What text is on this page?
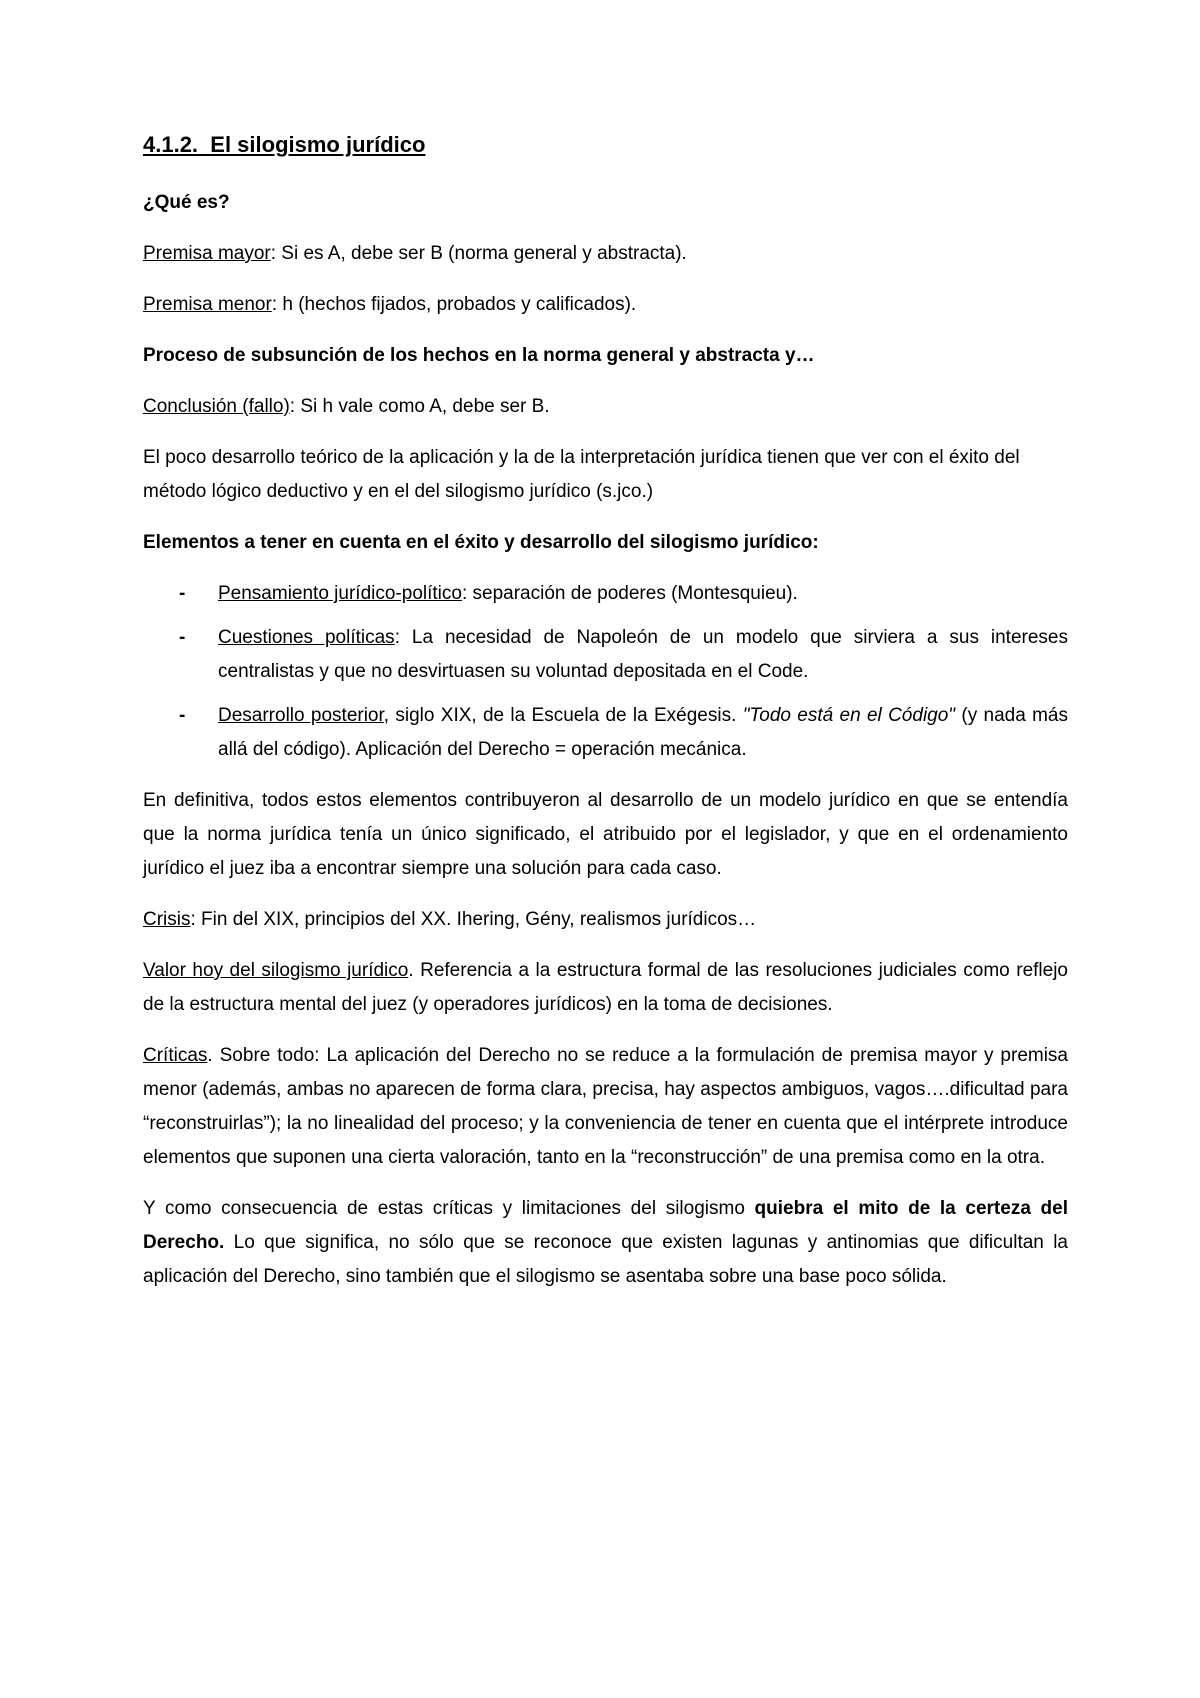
4.1.2. El silogismo jurídico

¿Qué es?

Premisa mayor: Si es A, debe ser B (norma general y abstracta).

Premisa menor: h (hechos fijados, probados y calificados).

Proceso de subsunción de los hechos en la norma general y abstracta y…

Conclusión (fallo): Si h vale como A, debe ser B.

El poco desarrollo teórico de la aplicación y la de la interpretación jurídica tienen que ver con el éxito del método lógico deductivo y en el del silogismo jurídico (s.jco.)

Elementos a tener en cuenta en el éxito y desarrollo del silogismo jurídico:

- Pensamiento jurídico-político: separación de poderes (Montesquieu).
- Cuestiones políticas: La necesidad de Napoleón de un modelo que sirviera a sus intereses centralistas y que no desvirtuasen su voluntad depositada en el Code.
- Desarrollo posterior, siglo XIX, de la Escuela de la Exégesis. "Todo está en el Código" (y nada más allá del código). Aplicación del Derecho = operación mecánica.

En definitiva, todos estos elementos contribuyeron al desarrollo de un modelo jurídico en que se entendía que la norma jurídica tenía un único significado, el atribuido por el legislador, y que en el ordenamiento jurídico el juez iba a encontrar siempre una solución para cada caso.

Crisis: Fin del XIX, principios del XX. Ihering, Gény, realismos jurídicos…

Valor hoy del silogismo jurídico. Referencia a la estructura formal de las resoluciones judiciales como reflejo de la estructura mental del juez (y operadores jurídicos) en la toma de decisiones.

Críticas. Sobre todo: La aplicación del Derecho no se reduce a la formulación de premisa mayor y premisa menor (además, ambas no aparecen de forma clara, precisa, hay aspectos ambiguos, vagos….dificultad para “reconstruirlas”); la no linealidad del proceso; y la conveniencia de tener en cuenta que el intérprete introduce elementos que suponen una cierta valoración, tanto en la “reconstrucción” de una premisa como en la otra.

Y como consecuencia de estas críticas y limitaciones del silogismo quiebra el mito de la certeza del Derecho. Lo que significa, no sólo que se reconoce que existen lagunas y antinomias que dificultan la aplicación del Derecho, sino también que el silogismo se asentaba sobre una base poco sólida.
